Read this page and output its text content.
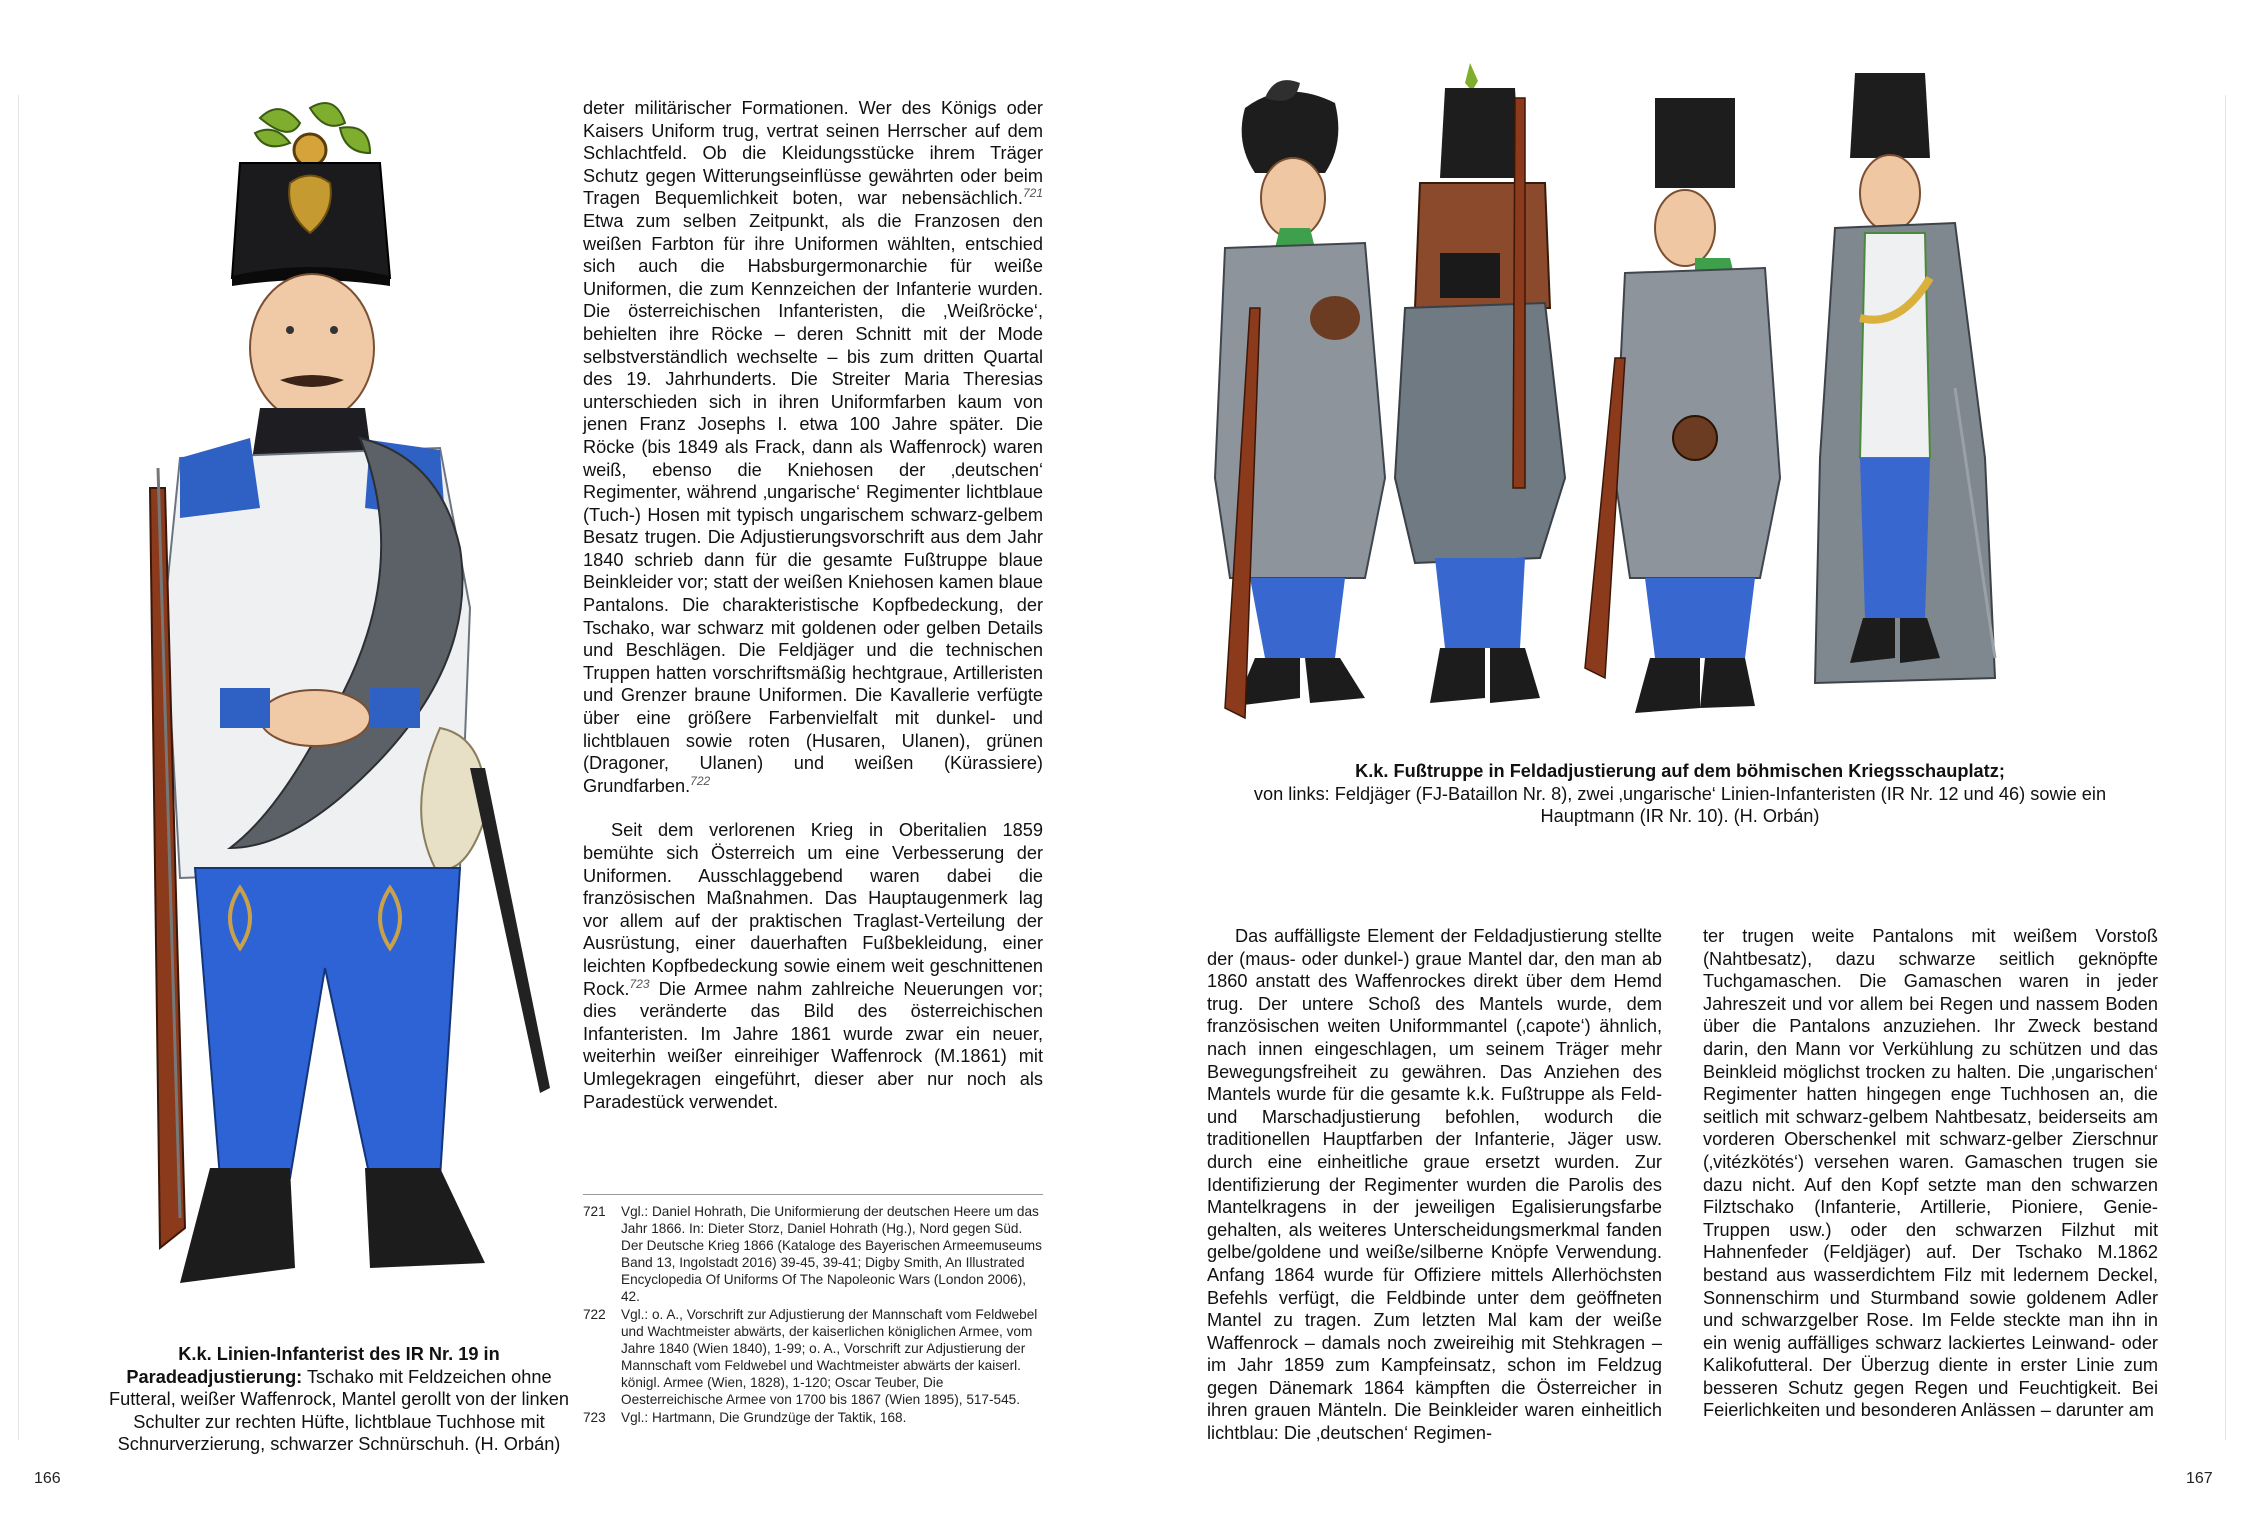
K.k. Linien-Infanterist des IR Nr. 19 in Paradeadjustierung: Tschako mit Feldzeichen ohne Futteral, weißer Waffenrock, Mantel gerollt von der linken Schulter zur rechten Hüfte, lichtblaue Tuchhose mit Schnurverzierung, schwarzer Schnürschuh. (H. Orbán)

deter militärischer Formationen. Wer des Königs oder Kaisers Uniform trug, vertrat seinen Herrscher auf dem Schlachtfeld. Ob die Kleidungsstücke ihrem Träger Schutz gegen Witterungseinflüsse gewährten oder beim Tragen Bequemlichkeit boten, war nebensächlich.$^{721}$ Etwa zum selben Zeitpunkt, als die Franzosen den weißen Farbton für ihre Uniformen wählten, entschied sich auch die Habsburgermonarchie für weiße Uniformen, die zum Kennzeichen der Infanterie wurden. Die österreichischen Infanteristen, die ‚Weißröcke‘, behielten ihre Röcke – deren Schnitt mit der Mode selbstverständlich wechselte – bis zum dritten Quartal des 19. Jahrhunderts. Die Streiter Maria Theresias unterschieden sich in ihren Uniformfarben kaum von jenen Franz Josephs I. etwa 100 Jahre später. Die Röcke (bis 1849 als Frack, dann als Waffenrock) waren weiß, ebenso die Kniehosen der ‚deutschen‘ Regimenter, während ‚ungarische‘ Regimenter lichtblaue (Tuch-) Hosen mit typisch ungarischem schwarz-gelbem Besatz trugen. Die Adjustierungsvorschrift aus dem Jahr 1840 schrieb dann für die gesamte Fußtruppe blaue Beinkleider vor; statt der weißen Kniehosen kamen blaue Pantalons. Die charakteristische Kopfbedeckung, der Tschako, war schwarz mit goldenen oder gelben Details und Beschlägen. Die Feldjäger und die technischen Truppen hatten vorschriftsmäßig hechtgraue, Artilleristen und Grenzer braune Uniformen. Die Kavallerie verfügte über eine größere Farbenvielfalt mit dunkel- und lichtblauen sowie roten (Husaren, Ulanen), grünen (Dragoner, Ulanen) und weißen (Kürassiere) Grundfarben.$^{722}$

Seit dem verlorenen Krieg in Oberitalien 1859 bemühte sich Österreich um eine Verbesserung der Uniformen. Ausschlaggebend waren dabei die französischen Maßnahmen. Das Hauptaugenmerk lag vor allem auf der praktischen Traglast-Verteilung der Ausrüstung, einer dauerhaften Fußbekleidung, einer leichten Kopfbedeckung sowie einem weit geschnittenen Rock.$^{723}$ Die Armee nahm zahlreiche Neuerungen vor; dies veränderte das Bild des österreichischen Infanteristen. Im Jahre 1861 wurde zwar ein neuer, weiterhin weißer einreihiger Waffenrock (M.1861) mit Umlegekragen eingeführt, dieser aber nur noch als Paradestück verwendet.

721	Vgl.: Daniel Hohrath, Die Uniformierung der deutschen Heere um das Jahr 1866. In: Dieter Storz, Daniel Hohrath (Hg.), Nord gegen Süd. Der Deutsche Krieg 1866 (Kataloge des Bayerischen Armeemuseums Band 13, Ingolstadt 2016) 39-45, 39-41; Digby Smith, An Illustrated Encyclopedia Of Uniforms Of The Napoleonic Wars (London 2006), 42.
722	Vgl.: o. A., Vorschrift zur Adjustierung der Mannschaft vom Feldwebel und Wachtmeister abwärts, der kaiserlichen königlichen Armee, vom Jahre 1840 (Wien 1840), 1-99; o. A., Vorschrift zur Adjustierung der Mannschaft vom Feldwebel und Wachtmeister abwärts der kaiserl. königl. Armee (Wien, 1828), 1-120; Oscar Teuber, Die Oesterreichische Armee von 1700 bis 1867 (Wien 1895), 517-545.
723	Vgl.: Hartmann, Die Grundzüge der Taktik, 168.
166
K.k. Fußtruppe in Feldadjustierung auf dem böhmischen Kriegsschauplatz;
von links: Feldjäger (FJ-Bataillon Nr. 8), zwei ‚ungarische‘ Linien-Infanteristen (IR Nr. 12 und 46) sowie ein Hauptmann (IR Nr. 10). (H. Orbán)

Das auffälligste Element der Feldadjustierung stellte der (maus- oder dunkel-) graue Mantel dar, den man ab 1860 anstatt des Waffenrockes direkt über dem Hemd trug. Der untere Schoß des Mantels wurde, dem französischen weiten Uniformmantel (‚capote‘) ähnlich, nach innen eingeschlagen, um seinem Träger mehr Bewegungsfreiheit zu gewähren. Das Anziehen des Mantels wurde für die gesamte k.k. Fußtruppe als Feld- und Marschadjustierung befohlen, wodurch die traditionellen Hauptfarben der Infanterie, Jäger usw. durch eine einheitliche graue ersetzt wurden. Zur Identifizierung der Regimenter wurden die Parolis des Mantelkragens in der jeweiligen Egalisierungsfarbe gehalten, als weiteres Unterscheidungsmerkmal fanden gelbe/goldene und weiße/silberne Knöpfe Verwendung. Anfang 1864 wurde für Offiziere mittels Allerhöchsten Befehls verfügt, die Feldbinde unter dem geöffneten Mantel zu tragen. Zum letzten Mal kam der weiße Waffenrock – damals noch zweireihig mit Stehkragen – im Jahr 1859 zum Kampfeinsatz, schon im Feldzug gegen Dänemark 1864 kämpften die Österreicher in ihren grauen Mänteln. Die Beinkleider waren einheitlich lichtblau: Die ‚deutschen‘ Regimen-

ter trugen weite Pantalons mit weißem Vorstoß (Nahtbesatz), dazu schwarze seitlich geknöpfte Tuchgamaschen. Die Gamaschen waren in jeder Jahreszeit und vor allem bei Regen und nassem Boden über die Pantalons anzuziehen. Ihr Zweck bestand darin, den Mann vor Verkühlung zu schützen und das Beinkleid möglichst trocken zu halten. Die ‚ungarischen‘ Regimenter hatten hingegen enge Tuchhosen an, die seitlich mit schwarz-gelbem Nahtbesatz, beiderseits am vorderen Oberschenkel mit schwarz-gelber Zierschnur (‚vitézkötés‘) versehen waren. Gamaschen trugen sie dazu nicht. Auf den Kopf setzte man den schwarzen Filztschako (Infanterie, Artillerie, Pioniere, Genie-Truppen usw.) oder den schwarzen Filzhut mit Hahnenfeder (Feldjäger) auf. Der Tschako M.1862 bestand aus wasserdichtem Filz mit ledernem Deckel, Sonnenschirm und Sturmband sowie goldenem Adler und schwarzgelber Rose. Im Felde steckte man ihn in ein wenig auffälliges schwarz lackiertes Leinwand- oder Kalikofutteral. Der Überzug diente in erster Linie zum besseren Schutz gegen Regen und Feuchtigkeit. Bei Feierlichkeiten und besonderen Anlässen – darunter am

167
